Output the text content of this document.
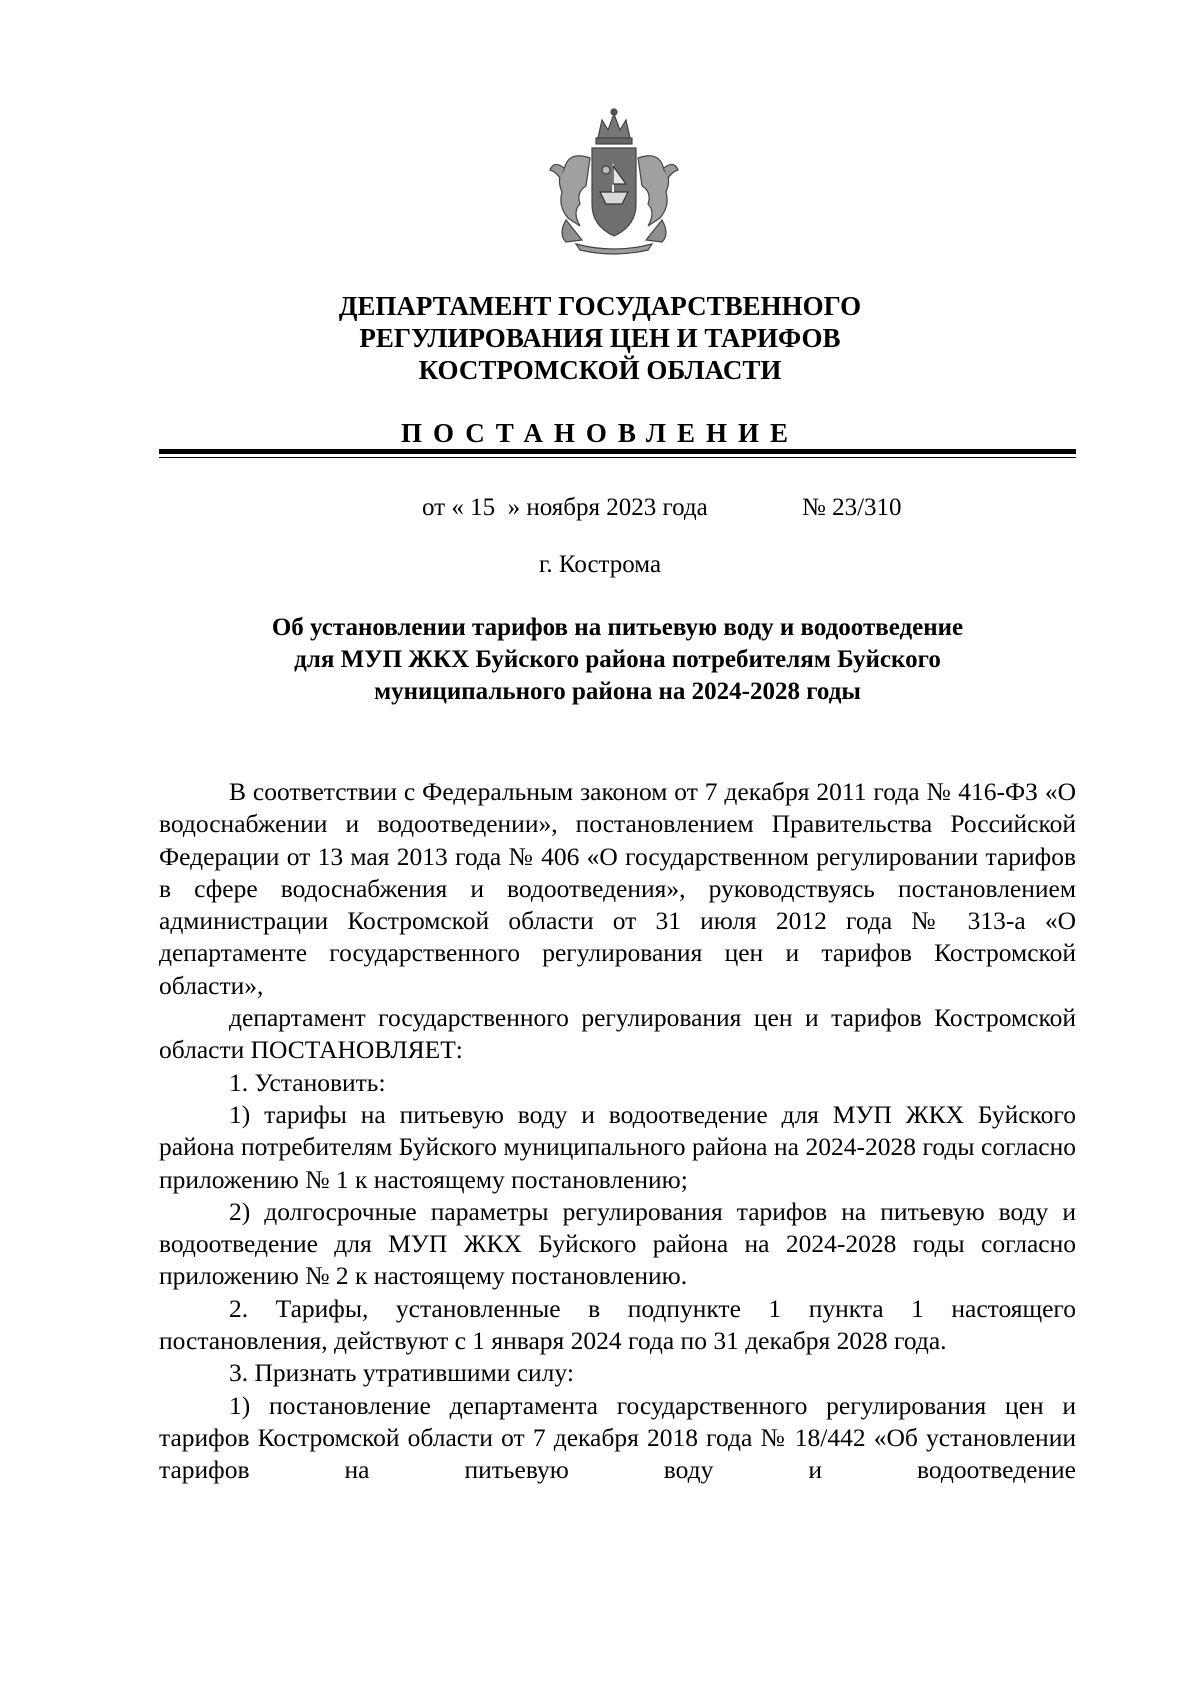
ДЕПАРТАМЕНТ ГОСУДАРСТВЕННОГО
РЕГУЛИРОВАНИЯ ЦЕН И ТАРИФОВ
КОСТРОМСКОЙ ОБЛАСТИ
ПОСТАНОВЛЕНИЕ
от « 15  » ноября 2023 года	№ 23/310
г. Кострома
Об установлении тарифов на питьевую воду и водоотведение
для МУП ЖКХ Буйского района потребителям Буйского
муниципального района на 2024-2028 годы

В соответствии с Федеральным законом от 7 декабря 2011 года № 416-ФЗ «О водоснабжении и водоотведении», постановлением Правительства Российской Федерации от 13 мая 2013 года № 406 «О государственном регулировании тарифов в сфере водоснабжения и водоотведения», руководствуясь постановлением администрации Костромской области от 31 июля 2012 года № 313-а «О департаменте государственного регулирования цен и тарифов Костромской области»,

департамент государственного регулирования цен и тарифов Костромской области ПОСТАНОВЛЯЕТ:

1. Установить:

1) тарифы на питьевую воду и водоотведение для МУП ЖКХ Буйского района потребителям Буйского муниципального района на 2024-2028 годы согласно приложению № 1 к настоящему постановлению;

2) долгосрочные параметры регулирования тарифов на питьевую воду и водоотведение для МУП ЖКХ Буйского района на 2024-2028 годы согласно приложению № 2 к настоящему постановлению.

2. Тарифы, установленные в подпункте 1 пункта 1 настоящего постановления, действуют с 1 января 2024 года по 31 декабря 2028 года.

3. Признать утратившими силу:

1) постановление департамента государственного регулирования цен и тарифов Костромской области от 7 декабря 2018 года № 18/442 «Об установлении тарифов на питьевую воду и водоотведение
